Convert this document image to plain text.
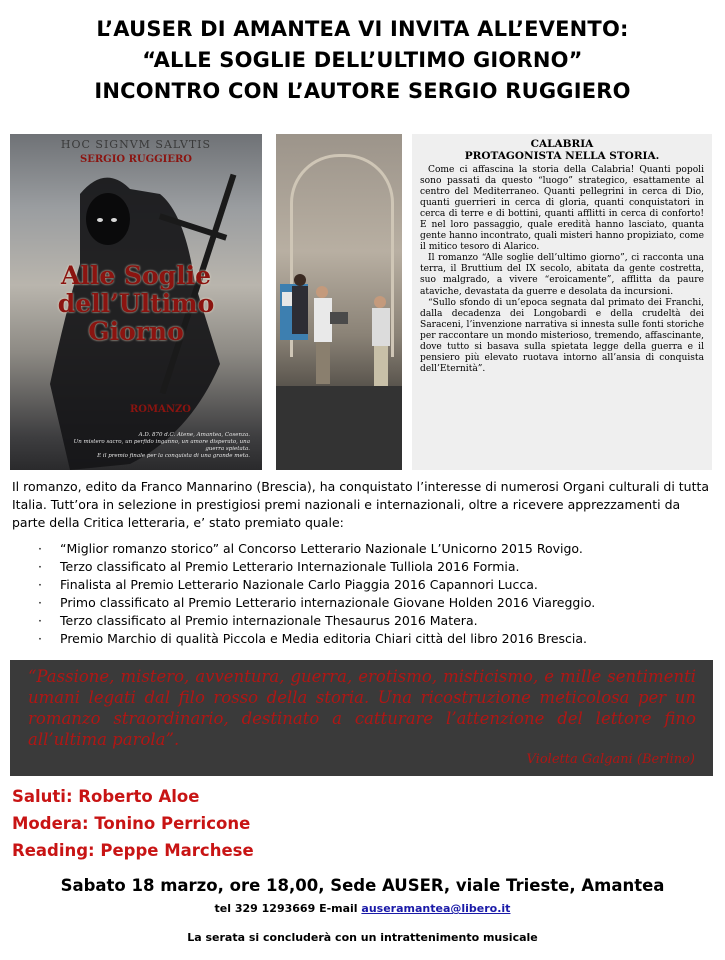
L’AUSER DI AMANTEA VI INVITA ALL’EVENTO:
“ALLE SOGLIE DELL’ULTIMO GIORNO”
INCONTRO CON L’AUTORE SERGIO RUGGIERO
HOC SIGNVM SALVTIS
SERGIO RUGGIERO
Alle Soglie
dell’Ultimo
Giorno
ROMANZO
A.D. 870 d.C. Atene, Amantea, Cosenza.
Un mistero sacro, un perfido inganno, un amore disperato, una guerra spietata.
E il premio finale per la conquista di una grande meta.
CALABRIA
PROTAGONISTA NELLA STORIA.

Come ci affascina la storia della Calabria! Quanti popoli sono passati da questo “luogo” strategico, esattamente al centro del Mediterraneo. Quanti pellegrini in cerca di Dio, quanti guerrieri in cerca di gloria, quanti conquistatori in cerca di terre e di bottini, quanti afflitti in cerca di conforto! E nel loro passaggio, quale eredità hanno lasciato, quanta gente hanno incontrato, quali misteri hanno propiziato, come il mitico tesoro di Alarico.

Il romanzo “Alle soglie dell’ultimo giorno”, ci racconta una terra, il Bruttium del IX secolo, abitata da gente costretta, suo malgrado, a vivere “eroicamente”, afflitta da paure ataviche, devastata da guerre e desolata da incursioni.

“Sullo sfondo di un’epoca segnata dal primato dei Franchi, dalla decadenza dei Longobardi e della crudeltà dei Saraceni, l’invenzione narrativa si innesta sulle fonti storiche per raccontare un mondo misterioso, tremendo, affascinante, dove tutto si basava sulla spietata legge della guerra e il pensiero più elevato ruotava intorno all’ansia di conquista dell’Eternità”.

Il romanzo, edito da Franco Mannarino (Brescia), ha conquistato l’interesse di numerosi Organi culturali di tutta Italia. Tutt’ora in selezione in prestigiosi premi nazionali e internazionali, oltre a ricevere apprezzamenti da parte della Critica letteraria, e’ stato premiato quale:

· “Miglior romanzo storico” al Concorso Letterario Nazionale L’Unicorno 2015 Rovigo.
· Terzo classificato al Premio Letterario Internazionale Tulliola 2016 Formia.
· Finalista al Premio Letterario Nazionale Carlo Piaggia 2016 Capannori Lucca.
· Primo classificato al Premio Letterario internazionale Giovane Holden 2016 Viareggio.
· Terzo classificato al Premio internazionale Thesaurus 2016 Matera.
· Premio Marchio di qualità Piccola e Media editoria Chiari città del libro 2016 Brescia.
“Passione, mistero, avventura, guerra, erotismo, misticismo, e mille sentimenti umani legati dal filo rosso della storia. Una ricostruzione meticolosa per un romanzo straordinario, destinato a catturare l’attenzione del lettore fino all’ultima parola”.
Violetta Galgani (Berlino)
Saluti: Roberto Aloe
Modera: Tonino Perricone
Reading: Peppe Marchese
Sabato 18 marzo, ore 18,00, Sede AUSER, viale Trieste, Amantea
tel 329 1293669 E-mail auseramantea@libero.it
La serata si concluderà con un intrattenimento musicale
